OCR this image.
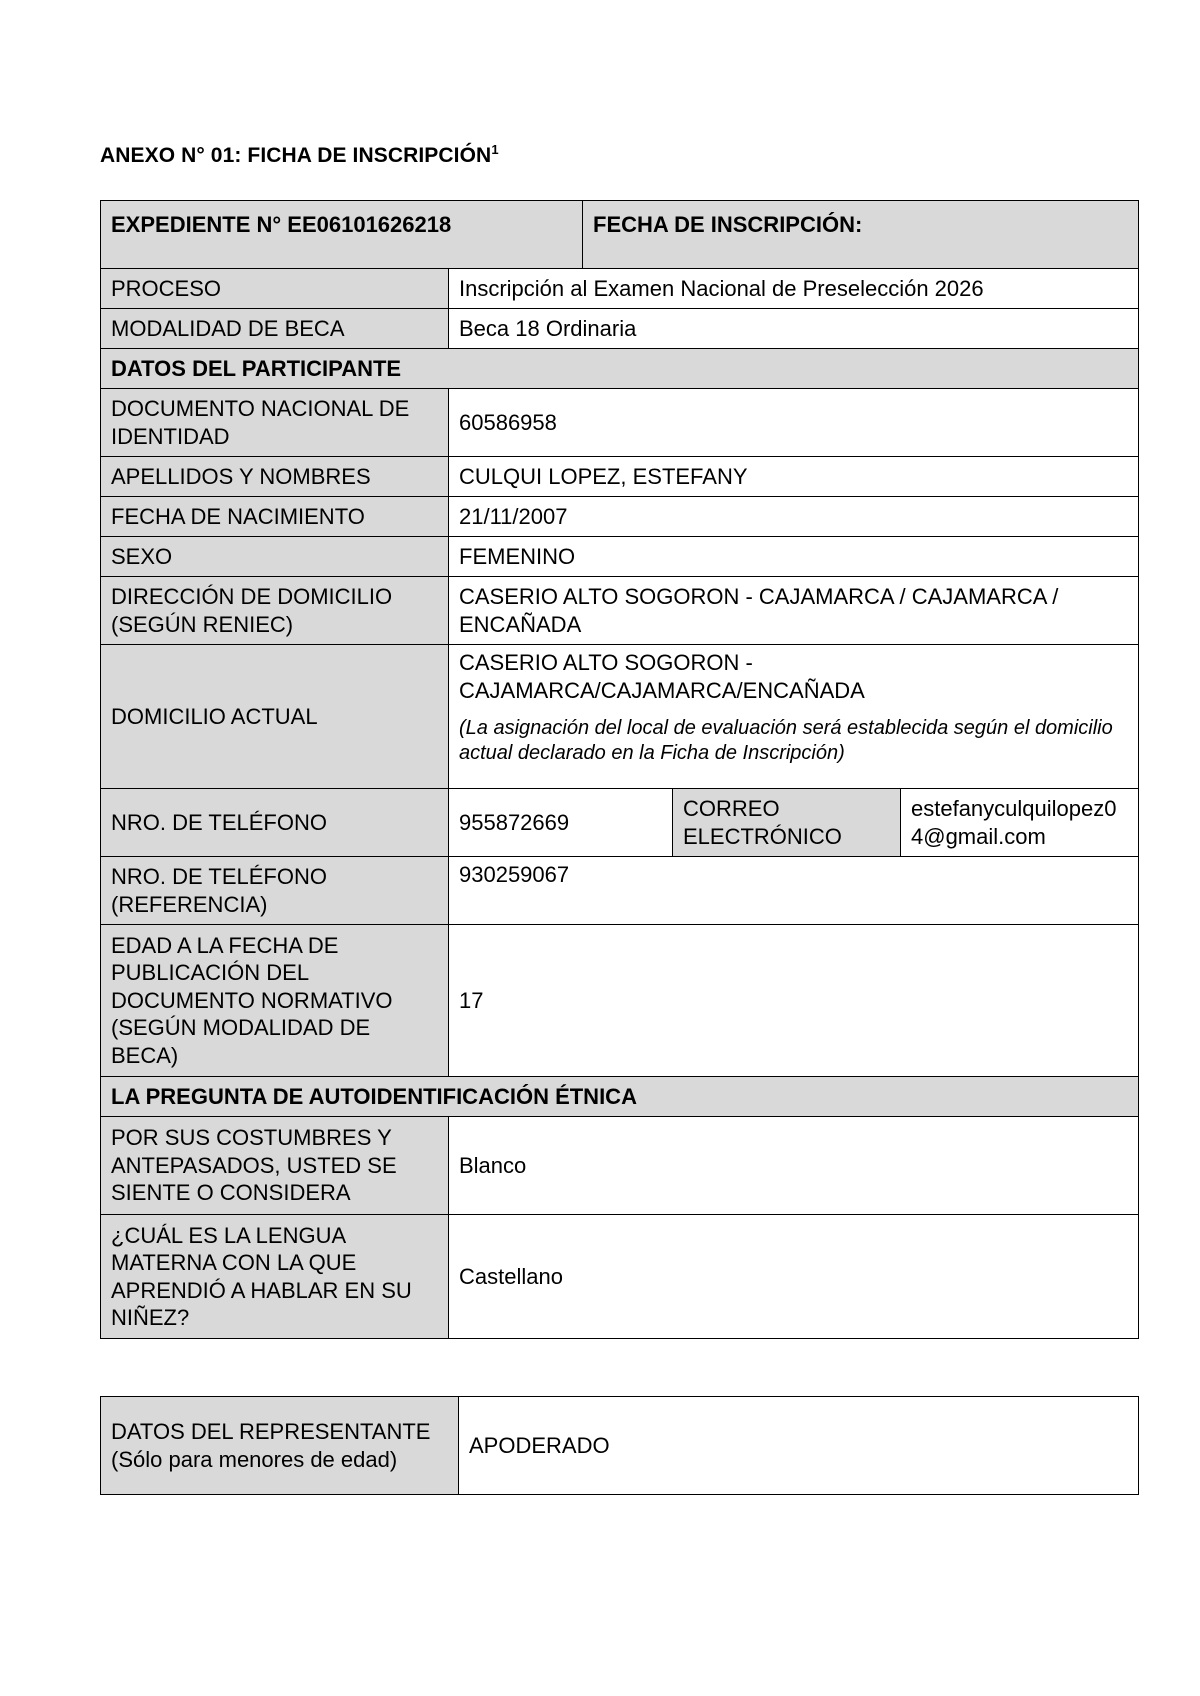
ANEXO N° 01: FICHA DE INSCRIPCIÓN$^1$
EXPEDIENTE N° EE06101626218		FECHA DE INSCRIPCIÓN:		
PROCESO	Inscripción al Examen Nacional de Preselección 2026			
MODALIDAD DE BECA	Beca 18 Ordinaria			
DATOS DEL PARTICIPANTE				
DOCUMENTO NACIONAL DE IDENTIDAD	60586958			
APELLIDOS Y NOMBRES	CULQUI LOPEZ, ESTEFANY			
FECHA DE NACIMIENTO	21/11/2007			
SEXO	FEMENINO			
DIRECCIÓN DE DOMICILIO (SEGÚN RENIEC)	CASERIO ALTO SOGORON - CAJAMARCA / CAJAMARCA / ENCAÑADA			
DOMICILIO ACTUAL	CASERIO ALTO SOGORON - CAJAMARCA/CAJAMARCA/ENCAÑADA
(La asignación del local de evaluación será establecida según el domicilio actual declarado en la Ficha de Inscripción)			

NRO. DE TELÉFONO	955872669		CORREO ELECTRÓNICO	estefanyculquilopez04@gmail.com
NRO. DE TELÉFONO (REFERENCIA)	930259067			
EDAD A LA FECHA DE PUBLICACIÓN DEL DOCUMENTO NORMATIVO (SEGÚN MODALIDAD DE BECA)	17			
LA PREGUNTA DE AUTOIDENTIFICACIÓN ÉTNICA				
POR SUS COSTUMBRES Y ANTEPASADOS, USTED SE SIENTE O CONSIDERA	Blanco			
¿CUÁL ES LA LENGUA MATERNA CON LA QUE APRENDIÓ A HABLAR EN SU NIÑEZ?	Castellano			
DATOS DEL REPRESENTANTE (Sólo para menores de edad)	APODERADO
